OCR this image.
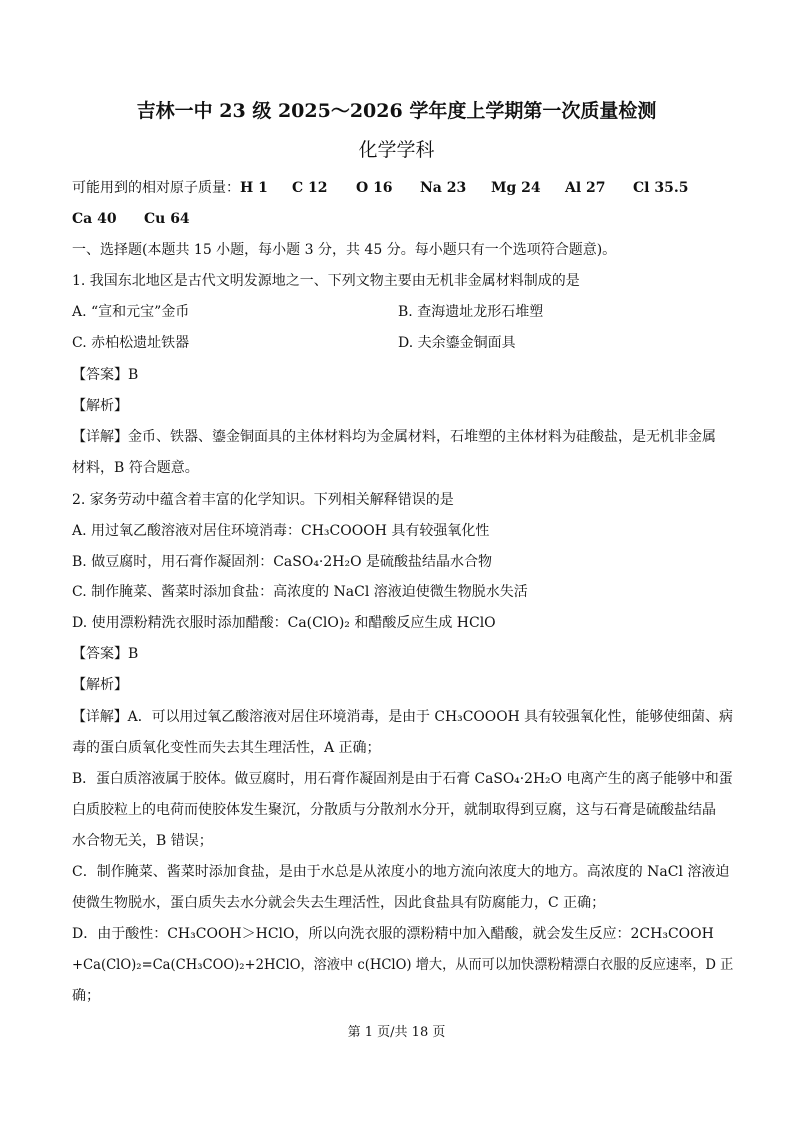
吉林一中 23 级 2025～2026 学年度上学期第一次质量检测
化学学科
可能用到的相对原子质量：H 1 C 12 O 16 Na 23 Mg 24 Al 27 Cl 35.5
Ca 40 Cu 64
一、选择题(本题共 15 小题，每小题 3 分，共 45 分。每小题只有一个选项符合题意)。
1. 我国东北地区是古代文明发源地之一、下列文物主要由无机非金属材料制成的是
A. “宣和元宝”金币	B. 查海遗址龙形石堆塑
C. 赤柏松遗址铁器	D. 夫余鎏金铜面具
【答案】B
【解析】
【详解】金币、铁器、鎏金铜面具的主体材料均为金属材料，石堆塑的主体材料为硅酸盐，是无机非金属
材料，B 符合题意。
2. 家务劳动中蕴含着丰富的化学知识。下列相关解释错误的是
A. 用过氧乙酸溶液对居住环境消毒：CH₃COOOH 具有较强氧化性
B. 做豆腐时，用石膏作凝固剂：CaSO₄·2H₂O 是硫酸盐结晶水合物
C. 制作腌菜、酱菜时添加食盐：高浓度的 NaCl 溶液迫使微生物脱水失活
D. 使用漂粉精洗衣服时添加醋酸：Ca(ClO)₂ 和醋酸反应生成 HClO
【答案】B
【解析】
【详解】A．可以用过氧乙酸溶液对居住环境消毒，是由于 CH₃COOOH 具有较强氧化性，能够使细菌、病
毒的蛋白质氧化变性而失去其生理活性，A 正确；
B．蛋白质溶液属于胶体。做豆腐时，用石膏作凝固剂是由于石膏 CaSO₄·2H₂O 电离产生的离子能够中和蛋
白质胶粒上的电荷而使胶体发生聚沉，分散质与分散剂水分开，就制取得到豆腐，这与石膏是硫酸盐结晶
水合物无关，B 错误；
C．制作腌菜、酱菜时添加食盐，是由于水总是从浓度小的地方流向浓度大的地方。高浓度的 NaCl 溶液迫
使微生物脱水，蛋白质失去水分就会失去生理活性，因此食盐具有防腐能力，C 正确；
D．由于酸性：CH₃COOH＞HClO，所以向洗衣服的漂粉精中加入醋酸，就会发生反应：2CH₃COOH
+Ca(ClO)₂=Ca(CH₃COO)₂+2HClO，溶液中 c(HClO) 增大，从而可以加快漂粉精漂白衣服的反应速率，D 正
确；
第 1 页/共 18 页
